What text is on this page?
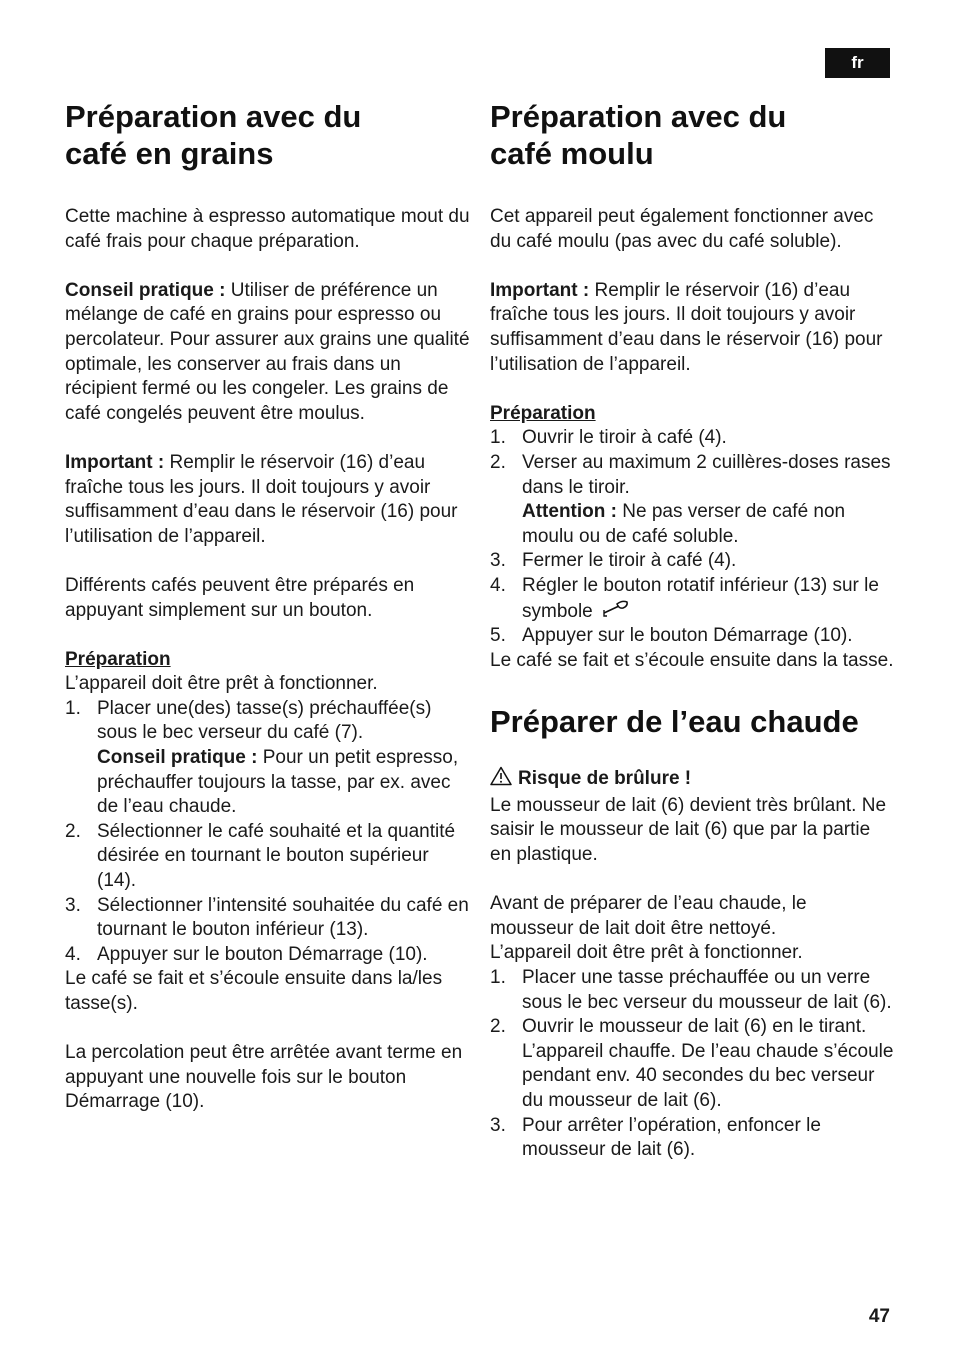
fr
Préparation avec du
café en grains

Cette machine à espresso automatique mout du café frais pour chaque préparation.

Conseil pratique : Utiliser de préférence un mélange de café en grains pour espresso ou percolateur. Pour assurer aux grains une qualité optimale, les conserver au frais dans un récipient fermé ou les congeler. Les grains de café congelés peuvent être moulus.

Important : Remplir le réservoir (16) d’eau fraîche tous les jours. Il doit toujours y avoir suffisamment d’eau dans le réservoir (16) pour l’utilisation de l’appareil.

Différents cafés peuvent être préparés en appuyant simplement sur un bouton.

Préparation
L’appareil doit être prêt à fonctionner.
1. Placer une(des) tasse(s) préchauffée(s) sous le bec verseur du café (7).
Conseil pratique : Pour un petit espresso, préchauffer toujours la tasse, par ex. avec de l’eau chaude.
2. Sélectionner le café souhaité et la quantité désirée en tournant le bouton supérieur (14).
3. Sélectionner l’intensité souhaitée du café en tournant le bouton inférieur (13).
4. Appuyer sur le bouton Démarrage (10).

Le café se fait et s’écoule ensuite dans la/les tasse(s).

La percolation peut être arrêtée avant terme en appuyant une nouvelle fois sur le bouton Démarrage (10).

Préparation avec du
café moulu

Cet appareil peut également fonctionner avec du café moulu (pas avec du café soluble).

Important : Remplir le réservoir (16) d’eau fraîche tous les jours. Il doit toujours y avoir suffisamment d’eau dans le réservoir (16) pour l’utilisation de l’appareil.

Préparation
1. Ouvrir le tiroir à café (4).
2. Verser au maximum 2 cuillères-doses rases dans le tiroir.
Attention : Ne pas verser de café non moulu ou de café soluble.
3. Fermer le tiroir à café (4).
4. Régler le bouton rotatif inférieur (13) sur le symbole
5. Appuyer sur le bouton Démarrage (10).

Le café se fait et s’écoule ensuite dans la tasse.

Préparer de l’eau chaude
Risque de brûlure !

Le mousseur de lait (6) devient très brûlant. Ne saisir le mousseur de lait (6) que par la partie en plastique.

Avant de préparer de l’eau chaude, le mousseur de lait doit être nettoyé.
L’appareil doit être prêt à fonctionner.
1. Placer une tasse préchauffée ou un verre sous le bec verseur du mousseur de lait (6).
2. Ouvrir le mousseur de lait (6) en le tirant. L’appareil chauffe. De l’eau chaude s’écoule pendant env. 40 secondes du bec verseur du mousseur de lait (6).
3. Pour arrêter l’opération, enfoncer le mousseur de lait (6).
47
